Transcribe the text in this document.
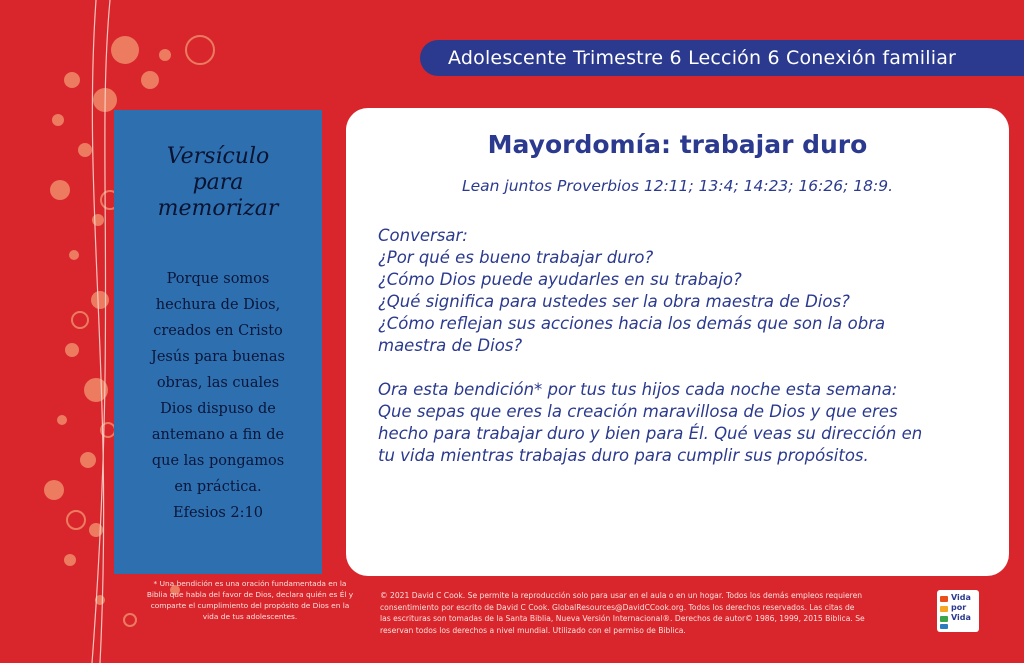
Adolescente Trimestre 6 Lección 6 Conexión familiar
Versículo
para
memorizar
Porque somos
hechura de Dios,
creados en Cristo
Jesús para buenas
obras, las cuales
Dios dispuso de
antemano a fin de
que las pongamos
en práctica.
Efesios 2:10
* Una bendición es una oración fundamentada en la
Biblia que habla del favor de Dios, declara quién es Él y
comparte el cumplimiento del propósito de Dios en la
vida de tus adolescentes.
Mayordomía: trabajar duro
Lean juntos Proverbios 12:11; 13:4; 14:23; 16:26; 18:9.
Conversar:
¿Por qué es bueno trabajar duro?
¿Cómo Dios puede ayudarles en su trabajo?
¿Qué significa para ustedes ser la obra maestra de Dios?
¿Cómo reflejan sus acciones hacia los demás que son la obra
maestra de Dios?
Ora esta bendición* por tus tus hijos cada noche esta semana:
Que sepas que eres la creación maravillosa de Dios y que eres
hecho para trabajar duro y bien para Él. Qué veas su dirección en
tu vida mientras trabajas duro para cumplir sus propósitos.
© 2021 David C Cook. Se permite la reproducción solo para usar en el aula o en un hogar. Todos los demás empleos requieren
consentimiento por escrito de David C Cook. GlobalResources@DavidCCook.org. Todos los derechos reservados. Las citas de
las escrituras son tomadas de la Santa Biblia, Nueva Versión Internacional®. Derechos de autor© 1986, 1999, 2015 Biblica. Se
reservan todos los derechos a nivel mundial. Utilizado con el permiso de Biblica.
Vida
por
Vida
